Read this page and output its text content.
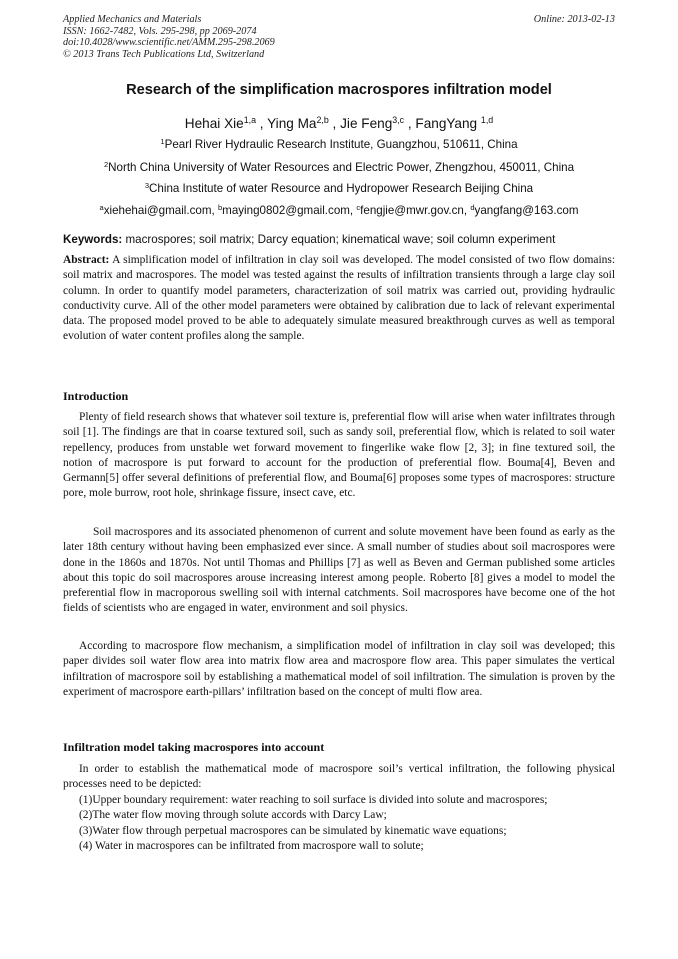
Applied Mechanics and Materials
ISSN: 1662-7482, Vols. 295-298, pp 2069-2074
doi:10.4028/www.scientific.net/AMM.295-298.2069
© 2013 Trans Tech Publications Ltd, Switzerland
Online: 2013-02-13
Research of the simplification macrospores infiltration model
Hehai Xie$^{1,a}$ , Ying Ma$^{2,b}$ , Jie Feng$^{3,c}$ , FangYang $^{1,d}$
$^1$Pearl River Hydraulic Research Institute, Guangzhou, 510611, China
$^2$North China University of Water Resources and Electric Power, Zhengzhou, 450011, China
$^3$China Institute of water Resource and Hydropower Research Beijing China
$^a$xiehehai@gmail.com, $^b$maying0802@gmail.com, $^c$fengjie@mwr.gov.cn, $^d$yangfang@163.com
Keywords: macrospores; soil matrix; Darcy equation; kinematical wave; soil column experiment

Abstract: A simplification model of infiltration in clay soil was developed. The model consisted of two flow domains: soil matrix and macrospores. The model was tested against the results of infiltration transients through a large clay soil column. In order to quantify model parameters, characterization of soil matrix was carried out, providing hydraulic conductivity curve. All of the other model parameters were obtained by calibration due to lack of relevant experimental data. The proposed model proved to be able to adequately simulate measured breakthrough curves as well as temporal evolution of water content profiles along the sample.

Introduction

Plenty of field research shows that whatever soil texture is, preferential flow will arise when water infiltrates through soil [1]. The findings are that in coarse textured soil, such as sandy soil, preferential flow, which is related to soil water repellency, produces from unstable wet forward movement to fingerlike wake flow [2, 3]; in fine textured soil, the notion of macrospore is put forward to account for the production of preferential flow. Bouma[4], Beven and Germann[5] offer several definitions of preferential flow, and Bouma[6] proposes some types of macrospores: structure pore, mole burrow, root hole, shrinkage fissure, insect cave, etc.

Soil macrospores and its associated phenomenon of current and solute movement have been found as early as the later 18th century without having been emphasized ever since. A small number of studies about soil macrospores were done in the 1860s and 1870s. Not until Thomas and Phillips [7] as well as Beven and German published some articles about this topic do soil macrospores arouse increasing interest among people. Roberto [8] gives a model to model the preferential flow in macroporous swelling soil with internal catchments. Soil macrospores have become one of the hot fields of scientists who are engaged in water, environment and soil physics.

According to macrospore flow mechanism, a simplification model of infiltration in clay soil was developed; this paper divides soil water flow area into matrix flow area and macrospore flow area. This paper simulates the vertical infiltration of macrospore soil by establishing a mathematical model of soil infiltration. The simulation is proven by the experiment of macrospore earth-pillars’ infiltration based on the concept of multi flow area.

Infiltration model taking macrospores into account

In order to establish the mathematical mode of macrospore soil’s vertical infiltration, the following physical processes need to be depicted:

(1)Upper boundary requirement: water reaching to soil surface is divided into solute and macrospores;
(2)The water flow moving through solute accords with Darcy Law;
(3)Water flow through perpetual macrospores can be simulated by kinematic wave equations;
(4) Water in macrospores can be infiltrated from macrospore wall to solute;
